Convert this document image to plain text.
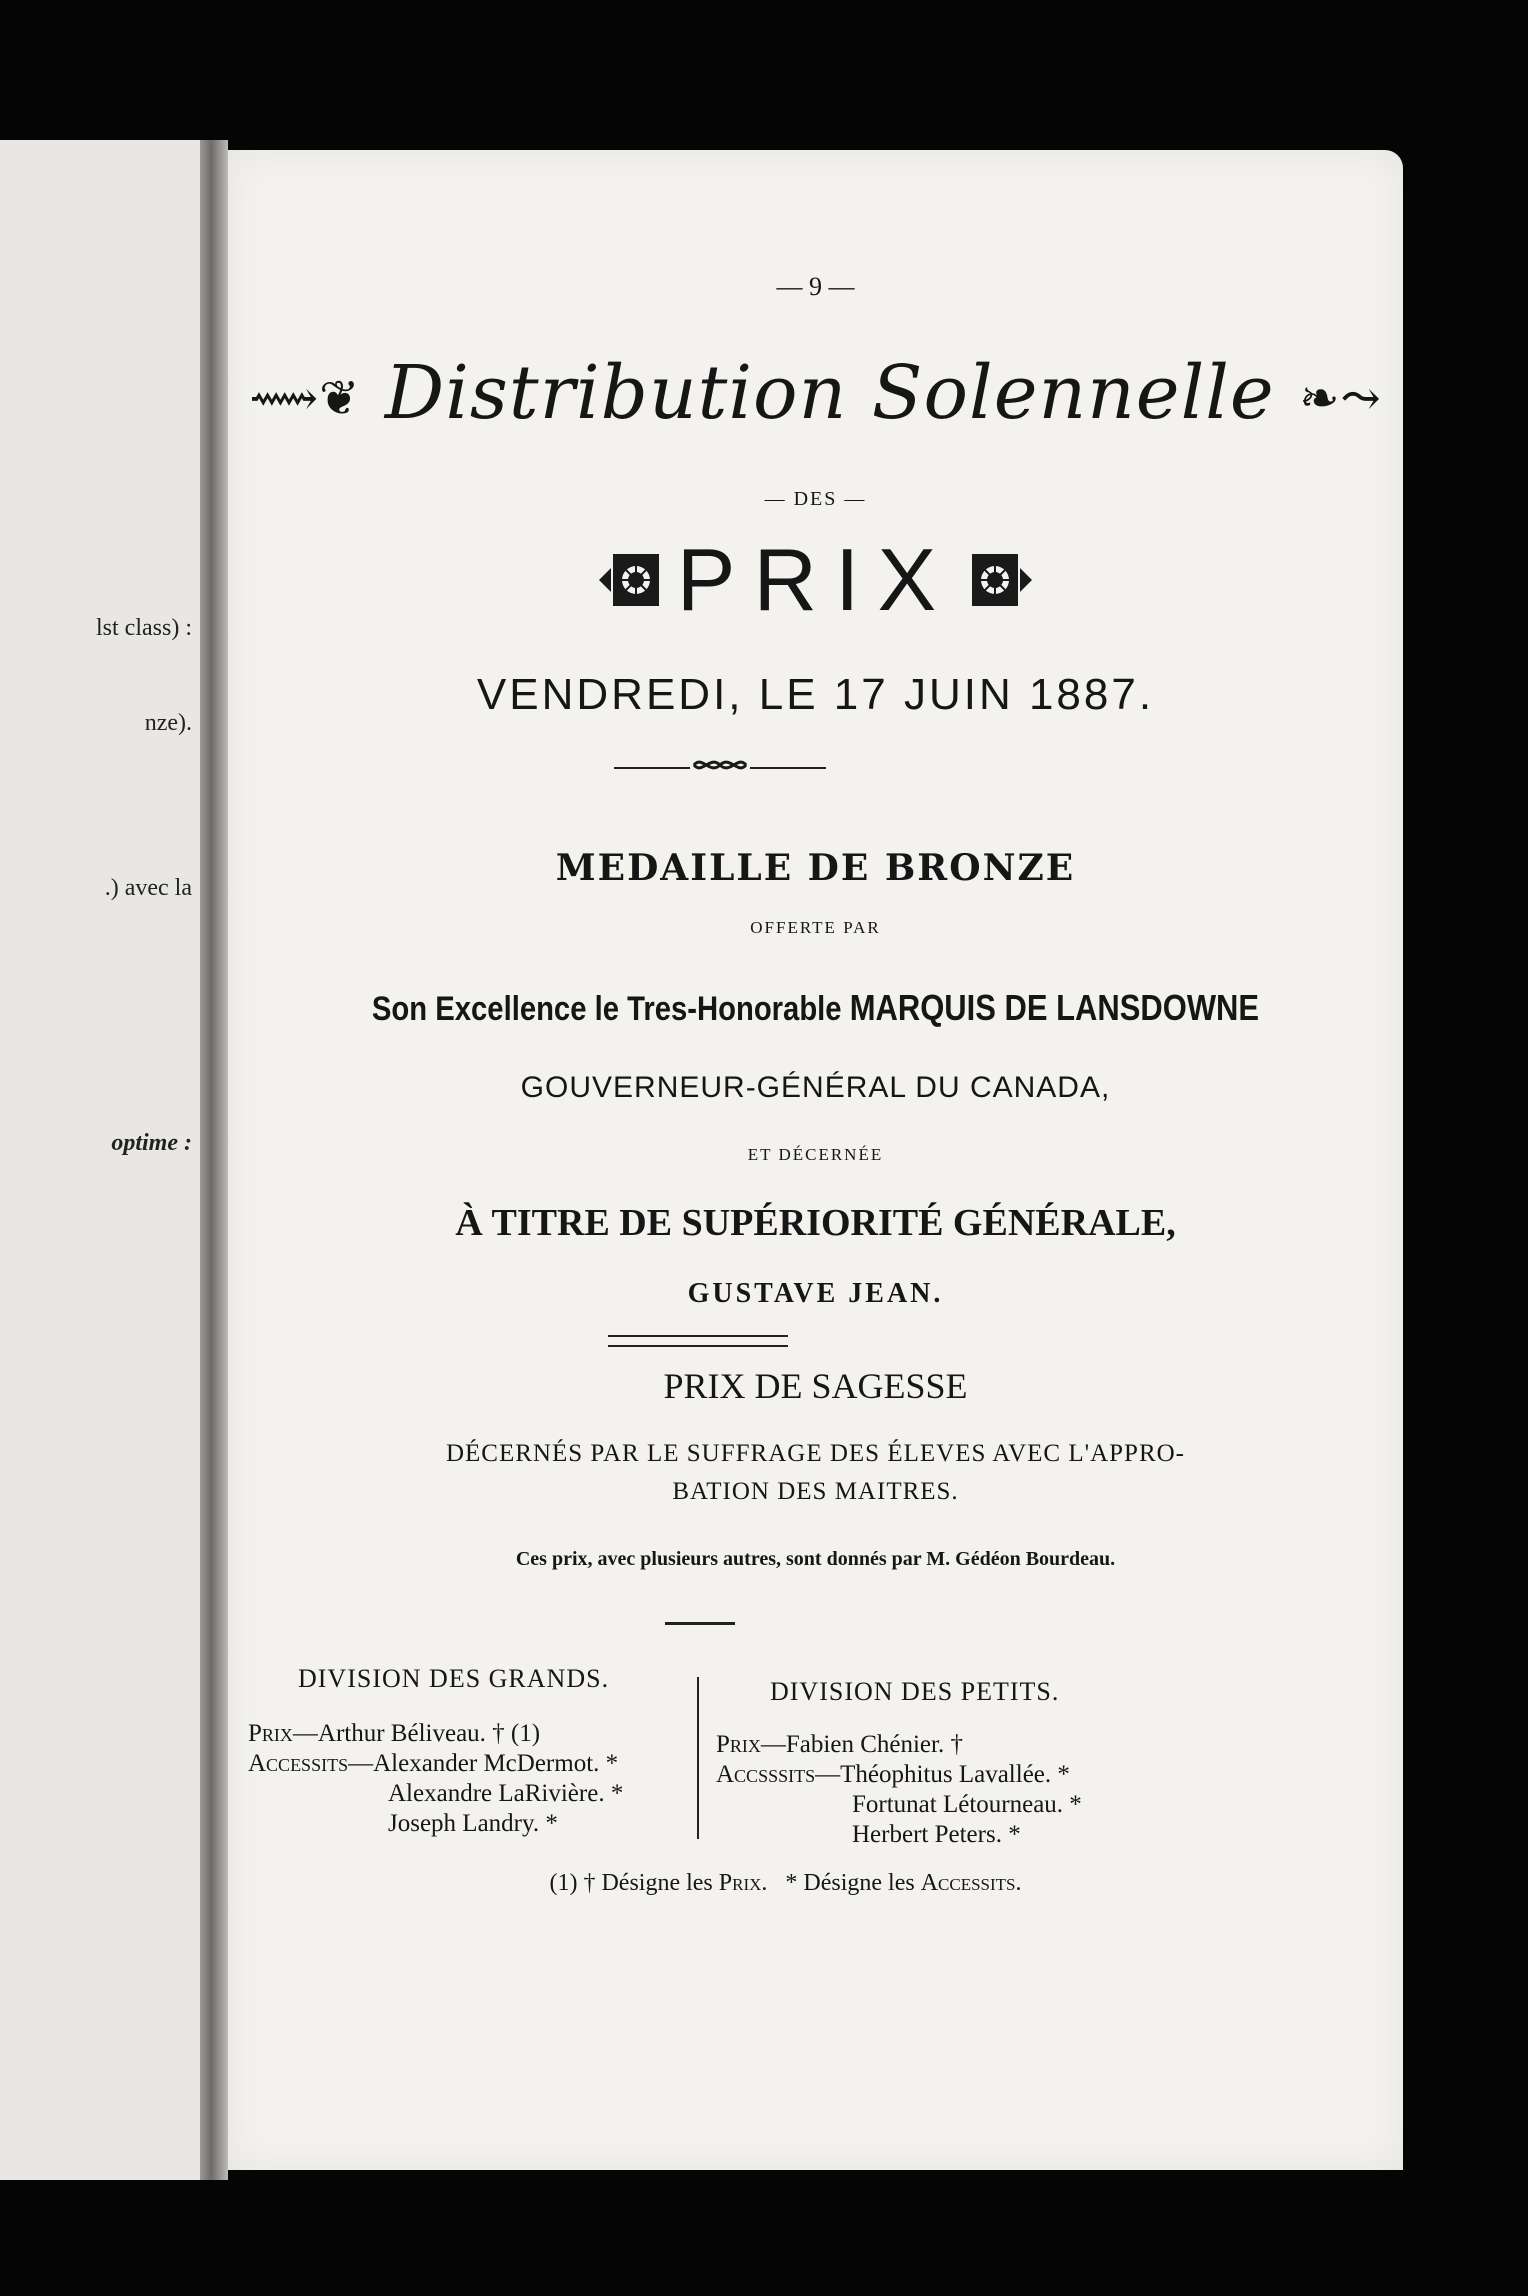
lst class) :
nze).
.) avec la
optime :
— 9 —
⟿❦ Distribution Solennelle ❧⤳
— DES —
PRIX
VENDREDI, LE 17 JUIN 1887.
MEDAILLE DE BRONZE
OFFERTE PAR
Son Excellence le Tres-Honorable MARQUIS DE LANSDOWNE
GOUVERNEUR-GÉNÉRAL DU CANADA,
ET DÉCERNÉE
À TITRE DE SUPÉRIORITÉ GÉNÉRALE,
GUSTAVE JEAN.
PRIX DE SAGESSE
DÉCERNÉS PAR LE SUFFRAGE DES ÉLEVES AVEC L'APPRO-
BATION DES MAITRES.
Ces prix, avec plusieurs autres, sont donnés par M. Gédéon Bourdeau.
DIVISION DES GRANDS.
Prix—Arthur Béliveau. † (1)
Accessits—Alexander McDermot. *
Alexandre LaRivière. *
Joseph Landry. *
DIVISION DES PETITS.
Prix—Fabien Chénier. †
Accsssits—Théophitus Lavallée. *
Fortunat Létourneau. *
Herbert Peters. *
(1) † Désigne les Prix. * Désigne les Accessits.
